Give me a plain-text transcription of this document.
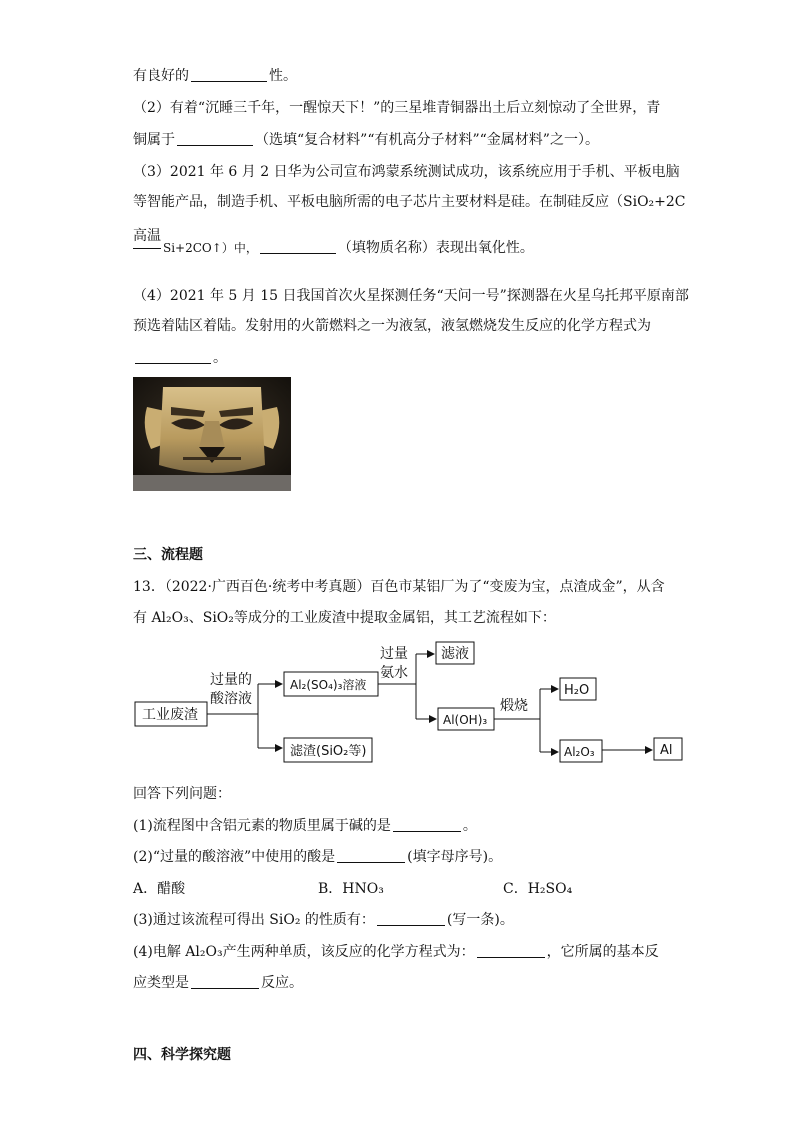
有良好的	性。
（2）有着“沉睡三千年，一醒惊天下！”的三星堆青铜器出土后立刻惊动了全世界，青
铜属于	（选填“复合材料”“有机高分子材料”“金属材料”之一）。
（3）2021 年 6 月 2 日华为公司宣布鸿蒙系统测试成功，该系统应用于手机、平板电脑
等智能产品，制造手机、平板电脑所需的电子芯片主要材料是硅。在制硅反应（SiO₂+2C
高温
Si+2CO↑）中，	（填物质名称）表现出氧化性。
（4）2021 年 5 月 15 日我国首次火星探测任务“天问一号”探测器在火星乌托邦平原南部
预选着陆区着陆。发射用的火箭燃料之一为液氢，液氢燃烧发生反应的化学方程式为
。
三、流程题
13．（2022·广西百色·统考中考真题）百色市某铝厂为了“变废为宝，点渣成金”，从含
有 Al₂O₃、SiO₂等成分的工业废渣中提取金属铝，其工艺流程如下：
工业废渣
过量的
酸溶液
Al₂(SO₄)₃溶液
滤渣(SiO₂等)
过量
氨水
滤液
Al(OH)₃
煅烧
H₂O
Al₂O₃	Al
回答下列问题：
(1)流程图中含铝元素的物质里属于碱的是	。
(2)“过量的酸溶液”中使用的酸是	(填字母序号)。
A．醋酸	B．HNO₃	C．H₂SO₄
(3)通过该流程可得出 SiO₂ 的性质有：	(写一条)。
(4)电解 Al₂O₃产生两种单质，该反应的化学方程式为：	，它所属的基本反
应类型是	反应。
四、科学探究题
